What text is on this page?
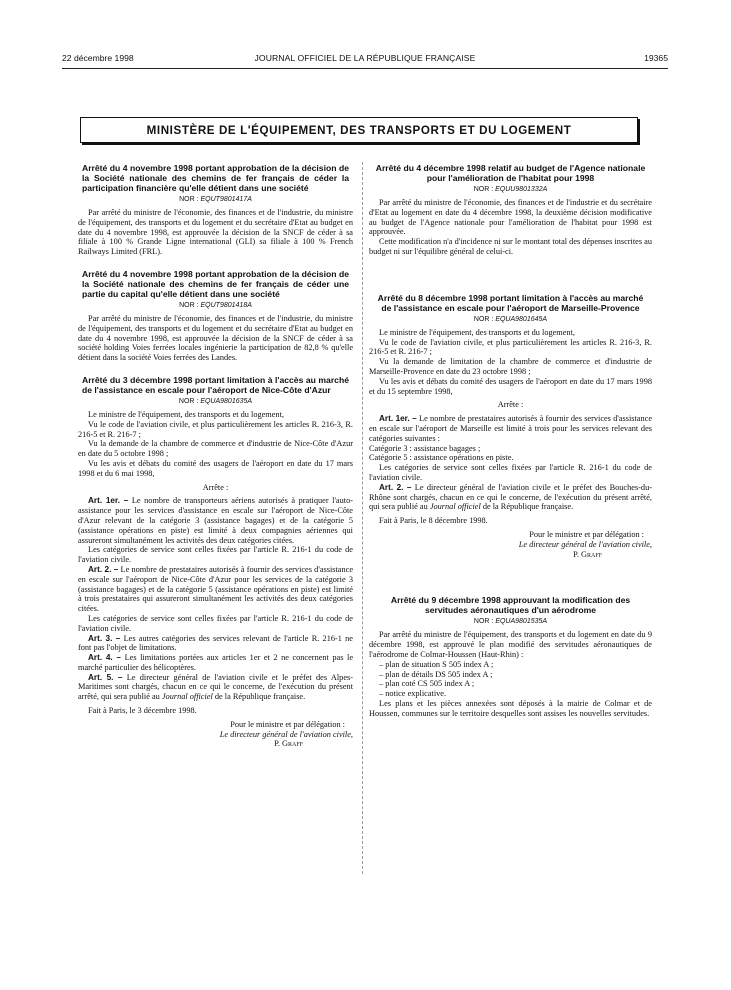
22 décembre 1998	JOURNAL OFFICIEL DE LA RÉPUBLIQUE FRANÇAISE	19365
MINISTÈRE DE L'ÉQUIPEMENT, DES TRANSPORTS ET DU LOGEMENT
Arrêté du 4 novembre 1998 portant approbation de la décision de la Société nationale des chemins de fer français de céder la participation financière qu'elle détient dans une société
NOR : EQUT9801417A

Par arrêté du ministre de l'économie, des finances et de l'industrie, du ministre de l'équipement, des transports et du logement et du secrétaire d'Etat au budget en date du 4 novembre 1998, est approuvée la décision de la SNCF de céder à sa filiale à 100 % Grande Ligne international (GLI) sa filiale à 100 % French Railways Limited (FRL).

Arrêté du 4 novembre 1998 portant approbation de la décision de la Société nationale des chemins de fer français de céder une partie du capital qu'elle détient dans une société
NOR : EQUT9801418A

Par arrêté du ministre de l'économie, des finances et de l'industrie, du ministre de l'équipement, des transports et du logement et du secrétaire d'Etat au budget en date du 4 novembre 1998, est approuvée la décision de la SNCF de céder à sa société holding Voies ferrées locales ingénierie la participation de 82,8 % qu'elle détient dans la société Voies ferrées des Landes.

Arrêté du 3 décembre 1998 portant limitation à l'accès au marché de l'assistance en escale pour l'aéroport de Nice-Côte d'Azur
NOR : EQUA9801635A

Le ministre de l'équipement, des transports et du logement,

Vu le code de l'aviation civile, et plus particulièrement les articles R. 216-3, R. 216-5 et R. 216-7 ;

Vu la demande de la chambre de commerce et d'industrie de Nice-Côte d'Azur en date du 5 octobre 1998 ;

Vu les avis et débats du comité des usagers de l'aéroport en date du 17 mars 1998 et du 6 mai 1998,

Arrête :

Art. 1er. – Le nombre de transporteurs aériens autorisés à pratiquer l'auto-assistance pour les services d'assistance en escale sur l'aéroport de Nice-Côte d'Azur relevant de la catégorie 3 (assistance bagages) et de la catégorie 5 (assistance opérations en piste) est limité à deux compagnies aériennes qui assureront simultanément les activités des deux catégories citées.

Les catégories de service sont celles fixées par l'article R. 216-1 du code de l'aviation civile.

Art. 2. – Le nombre de prestataires autorisés à fournir des services d'assistance en escale sur l'aéroport de Nice-Côte d'Azur pour les services de la catégorie 3 (assistance bagages) et de la catégorie 5 (assistance opérations en piste) est limité à trois prestataires qui assureront simultanément les activités des deux catégories citées.

Les catégories de service sont celles fixées par l'article R. 216-1 du code de l'aviation civile.

Art. 3. – Les autres catégories des services relevant de l'article R. 216-1 ne font pas l'objet de limitations.

Art. 4. – Les limitations portées aux articles 1er et 2 ne concernent pas le marché particulier des hélicoptères.

Art. 5. – Le directeur général de l'aviation civile et le préfet des Alpes-Maritimes sont chargés, chacun en ce qui le concerne, de l'exécution du présent arrêté, qui sera publié au Journal officiel de la République française.

Fait à Paris, le 3 décembre 1998.

Pour le ministre et par délégation :
Le directeur général de l'aviation civile,
P. Graff
Arrêté du 4 décembre 1998 relatif au budget de l'Agence nationale pour l'amélioration de l'habitat pour 1998
NOR : EQUU9801332A

Par arrêté du ministre de l'économie, des finances et de l'industrie et du secrétaire d'Etat au logement en date du 4 décembre 1998, la deuxième décision modificative au budget de l'Agence nationale pour l'amélioration de l'habitat pour 1998 est approuvée.

Cette modification n'a d'incidence ni sur le montant total des dépenses inscrites au budget ni sur l'équilibre général de celui-ci.

Arrêté du 8 décembre 1998 portant limitation à l'accès au marché de l'assistance en escale pour l'aéroport de Marseille-Provence
NOR : EQUA9801645A

Le ministre de l'équipement, des transports et du logement,

Vu le code de l'aviation civile, et plus particulièrement les articles R. 216-3, R. 216-5 et R. 216-7 ;

Vu la demande de limitation de la chambre de commerce et d'industrie de Marseille-Provence en date du 23 octobre 1998 ;

Vu les avis et débats du comité des usagers de l'aéroport en date du 17 mars 1998 et du 15 septembre 1998,

Arrête :

Art. 1er. – Le nombre de prestataires autorisés à fournir des services d'assistance en escale sur l'aéroport de Marseille est limité à trois pour les services relevant des catégories suivantes :

Catégorie 3 : assistance bagages ;

Catégorie 5 : assistance opérations en piste.

Les catégories de service sont celles fixées par l'article R. 216-1 du code de l'aviation civile.

Art. 2. – Le directeur général de l'aviation civile et le préfet des Bouches-du-Rhône sont chargés, chacun en ce qui le concerne, de l'exécution du présent arrêté, qui sera publié au Journal officiel de la République française.

Fait à Paris, le 8 décembre 1998.

Pour le ministre et par délégation :
Le directeur général de l'aviation civile,
P. Graff
Arrêté du 9 décembre 1998 approuvant la modification des servitudes aéronautiques d'un aérodrome
NOR : EQUA9801535A

Par arrêté du ministre de l'équipement, des transports et du logement en date du 9 décembre 1998, est approuvé le plan modifié des servitudes aéronautiques de l'aérodrome de Colmar-Houssen (Haut-Rhin) :

– plan de situation S 505 index A ;

– plan de détails DS 505 index A ;

– plan coté CS 505 index A ;

– notice explicative.

Les plans et les pièces annexées sont déposés à la mairie de Colmar et de Houssen, communes sur le territoire desquelles sont assises les nouvelles servitudes.
